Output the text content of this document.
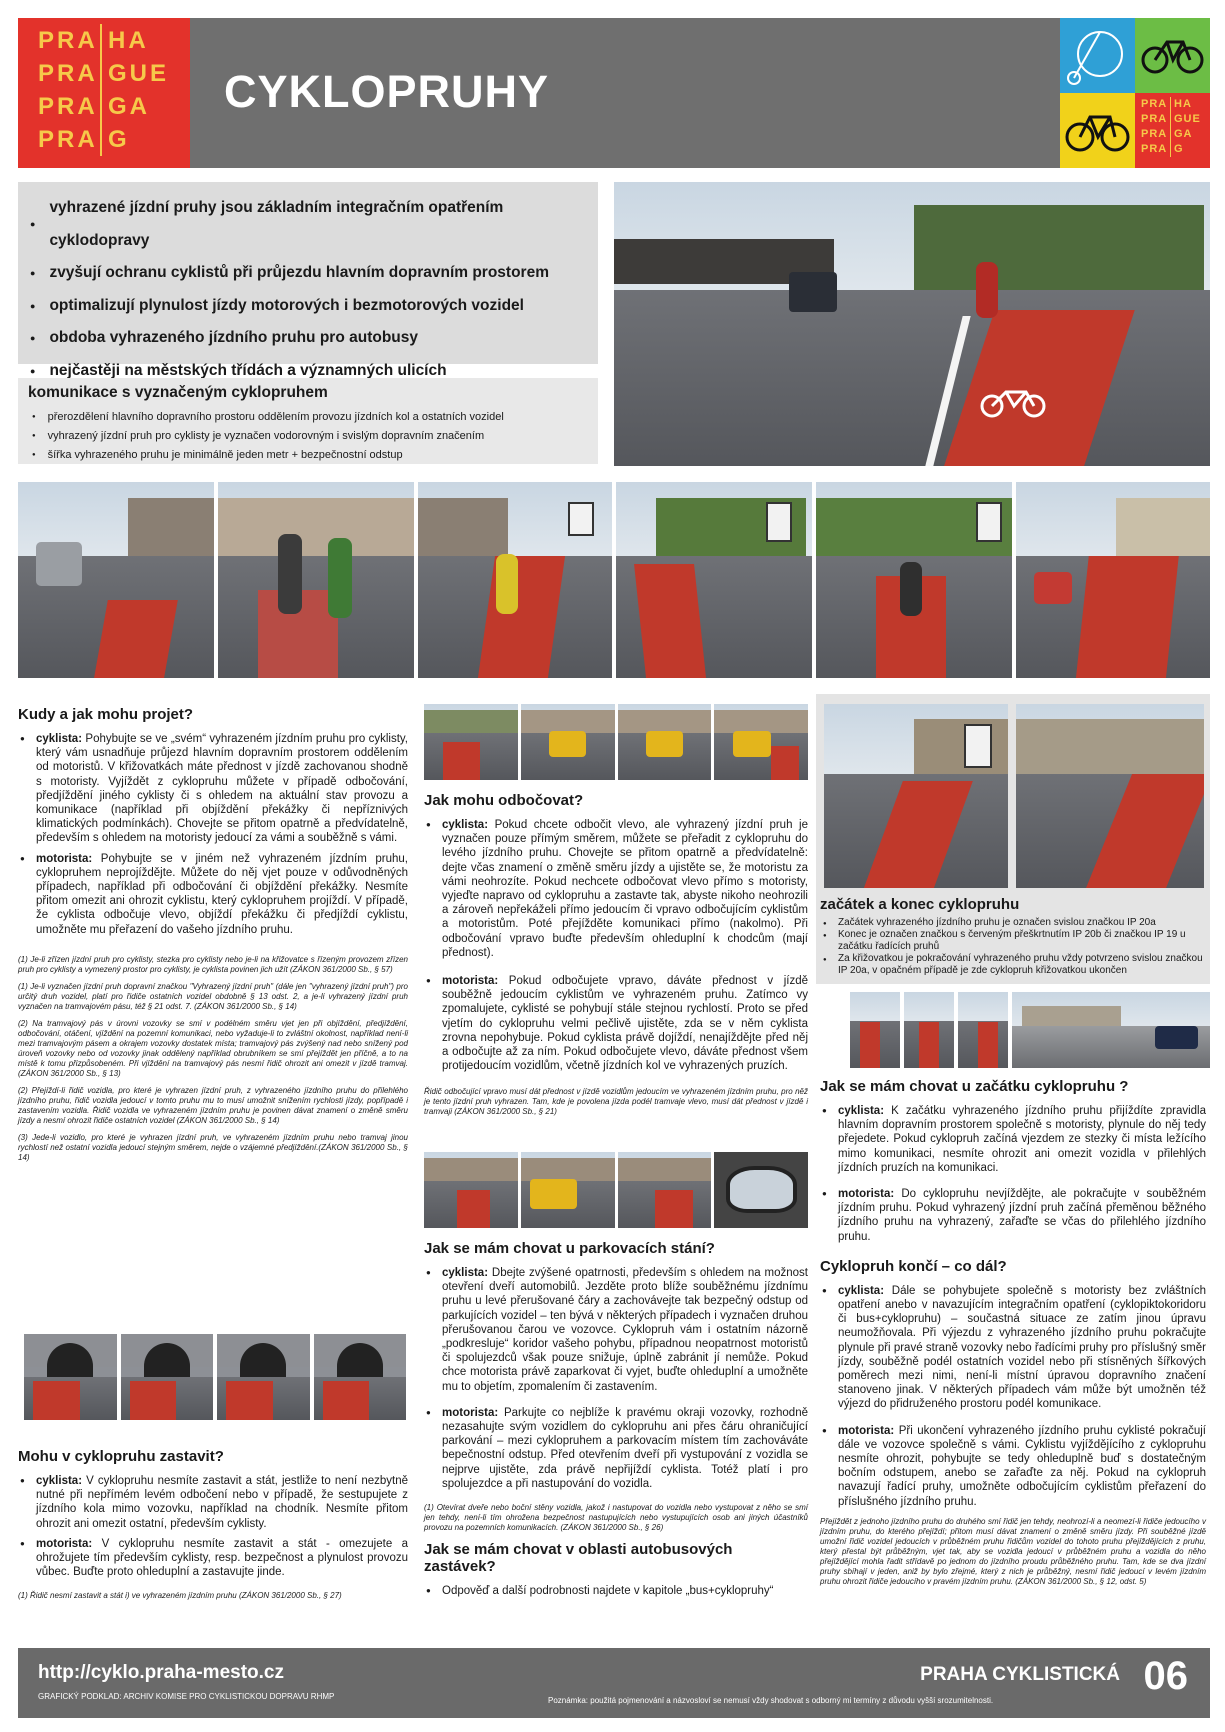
PRA HA
PRA GUE
PRA GA
PRA G
CYKLOPRUHY	PRA HA
PRA GUE
PRA GA
PRA G
● vyhrazené jízdní pruhy jsou základním integračním opatřením cyklodopravy
● zvyšují ochranu cyklistů při průjezdu hlavním dopravním prostorem
● optimalizují plynulost jízdy motorových i bezmotorových vozidel
● obdoba vyhrazeného jízdního pruhu pro autobusy
● nejčastěji na městských třídách a významných ulicích
komunikace s vyznačeným cyklopruhem
● přerozdělení hlavního dopravního prostoru oddělením provozu jízdních kol a ostatních vozidel
● vyhrazený jízdní pruh pro cyklisty je vyznačen vodorovným i svislým dopravním značením
● šířka vyhrazeného pruhu je minimálně jeden metr + bezpečnostní odstup
Kudy a jak mohu projet?
● cyklista: Pohybujte se ve „svém“ vyhrazeném jízdním pruhu pro cyklisty, který vám usnadňuje průjezd hlavním dopravním prostorem oddělením od motoristů. V křižovatkách máte přednost v jízdě zachovanou shodně s motoristy. Vyjíždět z cyklopruhu můžete v případě odbočování, předjíždění jiného cyklisty či s ohledem na aktuální stav provozu a komunikace (například při objíždění překážky či nepříznivých klimatických podmínkách). Chovejte se přitom opatrně a předvídatelně, především s ohledem na motoristy jedoucí za vámi a souběžně s vámi.
● motorista: Pohybujte se v jiném než vyhrazeném jízdním pruhu, cyklopruhem neprojíždějte. Můžete do něj vjet pouze v odůvodněných případech, například při odbočování či objíždění překážky. Nesmíte přitom omezit ani ohrozit cyklistu, který cyklopruhem projíždí. V případě, že cyklista odbočuje vlevo, objíždí překážku či předjíždí cyklistu, umožněte mu přeřazení do vašeho jízdního pruhu.

(1) Je-li zřízen jízdní pruh pro cyklisty, stezka pro cyklisty nebo je-li na křižovatce s řízeným provozem zřízen pruh pro cyklisty a vymezený prostor pro cyklisty, je cyklista povinen jich užít (ZÁKON 361/2000 Sb., § 57)

(1) Je-li vyznačen jízdní pruh dopravní značkou "Vyhrazený jízdní pruh" (dále jen "vyhrazený jízdní pruh") pro určitý druh vozidel, platí pro řidiče ostatních vozidel obdobně § 13 odst. 2, a je-li vyhrazený jízdní pruh vyznačen na tramvajovém pásu, též § 21 odst. 7. (ZÁKON 361/2000 Sb., § 14)

(2) Na tramvajový pás v úrovni vozovky se smí v podélném směru vjet jen při objíždění, předjíždění, odbočování, otáčení, vjíždění na pozemní komunikaci, nebo vyžaduje-li to zvláštní okolnost, například není-li mezi tramvajovým pásem a okrajem vozovky dostatek místa; tramvajový pás zvýšený nad nebo snížený pod úroveň vozovky nebo od vozovky jinak oddělený například obrubníkem se smí přejíždět jen příčně, a to na místě k tomu přizpůsobeném. Při vjíždění na tramvajový pás nesmí řidič ohrozit ani omezit v jízdě tramvaj. (ZÁKON 361/2000 Sb., § 13)

(2) Přejíždí-li řidič vozidla, pro které je vyhrazen jízdní pruh, z vyhrazeného jízdního pruhu do přilehlého jízdního pruhu, řidič vozidla jedoucí v tomto pruhu mu to musí umožnit snížením rychlosti jízdy, popřípadě i zastavením vozidla. Řidič vozidla ve vyhrazeném jízdním pruhu je povinen dávat znamení o změně směru jízdy a nesmí ohrozit řidiče ostatních vozidel (ZÁKON 361/2000 Sb., § 14)

(3) Jede-li vozidlo, pro které je vyhrazen jízdní pruh, ve vyhrazeném jízdním pruhu nebo tramvaj jinou rychlostí než ostatní vozidla jedoucí stejným směrem, nejde o vzájemné předjíždění.(ZÁKON 361/2000 Sb., § 14)

Mohu v cyklopruhu zastavit?
● cyklista: V cyklopruhu nesmíte zastavit a stát, jestliže to není nezbytně nutné při nepřímém levém odbočení nebo v případě, že sestupujete z jízdního kola mimo vozovku, například na chodník. Nesmíte přitom ohrozit ani omezit ostatní, především cyklisty.
● motorista: V cyklopruhu nesmíte zastavit a stát - omezujete a ohrožujete tím především cyklisty, resp. bezpečnost a plynulost provozu vůbec. Buďte proto ohleduplní a zastavujte jinde.

(1) Řidič nesmí zastavit a stát i) ve vyhrazeném jízdním pruhu (ZÁKON 361/2000 Sb., § 27)

Jak mohu odbočovat?
● cyklista: Pokud chcete odbočit vlevo, ale vyhrazený jízdní pruh je vyznačen pouze přímým směrem, můžete se přeřadit z cyklopruhu do levého jízdního pruhu. Chovejte se přitom opatrně a předvídatelně: dejte včas znamení o změně směru jízdy a ujistěte se, že motoristu za vámi neohrozíte. Pokud nechcete odbočovat vlevo přímo s motoristy, vyjeďte napravo od cyklopruhu a zastavte tak, abyste nikoho neohrozili a zároveň nepřekáželi přímo jedoucím či vpravo odbočujícím cyklistům a motoristům. Poté přejížděte komunikaci přímo (nakolmo). Při odbočování vpravo buďte především ohleduplní k chodcům (mají přednost).
● motorista: Pokud odbočujete vpravo, dáváte přednost v jízdě souběžně jedoucím cyklistům ve vyhrazeném pruhu. Zatímco vy zpomalujete, cyklisté se pohybují stále stejnou rychlostí. Proto se před vjetím do cyklopruhu velmi pečlivě ujistěte, zda se v něm cyklista zrovna nepohybuje. Pokud cyklista právě dojíždí, nenajíždějte před něj a odbočujte až za ním. Pokud odbočujete vlevo, dáváte přednost všem protijedoucím vozidlům, včetně jízdních kol ve vyhrazených pruzích.

Řidič odbočující vpravo musí dát přednost v jízdě vozidlům jedoucím ve vyhrazeném jízdním pruhu, pro něž je tento jízdní pruh vyhrazen. Tam, kde je povolena jízda podél tramvaje vlevo, musí dát přednost v jízdě i tramvaji (ZÁKON 361/2000 Sb., § 21)

Jak se mám chovat u parkovacích stání?
● cyklista: Dbejte zvýšené opatrnosti, především s ohledem na možnost otevření dveří automobilů. Jezděte proto blíže souběžnému jízdnímu pruhu u levé přerušované čáry a zachovávejte tak bezpečný odstup od parkujících vozidel – ten bývá v některých případech i vyznačen druhou přerušovanou čarou ve vozovce. Cyklopruh vám i ostatním názorně „podkresluje“ koridor vašeho pohybu, případnou neopatrnost motoristů či spolujezdců však pouze snižuje, úplně zabránit jí nemůže. Pokud chce motorista právě zaparkovat či vyjet, buďte ohleduplní a umožněte mu to objetím, zpomalením či zastavením.
● motorista: Parkujte co nejblíže k pravému okraji vozovky, rozhodně nezasahujte svým vozidlem do cyklopruhu ani přes čáru ohraničující parkování – mezi cyklopruhem a parkovacím místem tím zachováváte bepečnostní odstup. Před otevřením dveří při vystupování z vozidla se nejprve ujistěte, zda právě nepřijíždí cyklista. Totéž platí i pro spolujezdce a při nastupování do vozidla.

(1) Otevírat dveře nebo boční stěny vozidla, jakož i nastupovat do vozidla nebo vystupovat z něho se smí jen tehdy, není-li tím ohrožena bezpečnost nastupujících nebo vystupujících osob ani jiných účastníků provozu na pozemních komunikacích. (ZÁKON 361/2000 Sb., § 26)

Jak se mám chovat v oblasti autobusových zastávek?
● Odpověď a další podrobnosti najdete v kapitole „bus+cyklopruhy“
začátek a konec cyklopruhu
● Začátek vyhrazeného jízdního pruhu je označen svislou značkou IP 20a
● Konec je označen značkou s červeným přeškrtnutím IP 20b či značkou IP 19 u začátku řadících pruhů
● Za křižovatkou je pokračování vyhrazeného pruhu vždy potvrzeno svislou značkou IP 20a, v opačném případě je zde cyklopruh křižovatkou ukončen
Jak se mám chovat u začátku cyklopruhu ?
● cyklista: K začátku vyhrazeného jízdního pruhu přijíždíte zpravidla hlavním dopravním prostorem společně s motoristy, plynule do něj tedy přejedete. Pokud cyklopruh začíná vjezdem ze stezky či místa ležícího mimo komunikaci, nesmíte ohrozit ani omezit vozidla v přilehlých jízdních pruzích na komunikaci.
● motorista: Do cyklopruhu nevjíždějte, ale pokračujte v souběžném jízdním pruhu. Pokud vyhrazený jízdní pruh začíná přeměnou běžného jízdního pruhu na vyhrazený, zařaďte se včas do přilehlého jízdního pruhu.
Cyklopruh končí – co dál?
● cyklista: Dále se pohybujete společně s motoristy bez zvláštních opatření anebo v navazujícím integračním opatření (cyklopiktokoridoru či bus+cyklopruhu) – součastná situace ze zatím jinou úpravu neumožňovala. Při výjezdu z vyhrazeného jízdního pruhu pokračujte plynule při pravé straně vozovky nebo řadícími pruhy pro příslušný směr jízdy, souběžně podél ostatních vozidel nebo při stísněných šířkových poměrech mezi nimi, není-li místní úpravou dopravního značení stanoveno jinak. V některých případech vám může být umožněn též výjezd do přidruženého prostoru podél komunikace.
● motorista: Při ukončení vyhrazeného jízdního pruhu cyklisté pokračují dále ve vozovce společně s vámi. Cyklistu vyjíždějícího z cyklopruhu nesmíte ohrozit, pohybujte se tedy ohleduplně buď s dostatečným bočním odstupem, anebo se zařaďte za něj. Pokud na cyklopruh navazují řadící pruhy, umožněte odbočujícím cyklistům přeřazení do příslušného jízdního pruhu.

Přejíždět z jednoho jízdního pruhu do druhého smí řidič jen tehdy, neohrozí-li a neomezí-li řidiče jedoucího v jízdním pruhu, do kterého přejíždí; přitom musí dávat znamení o změně směru jízdy. Při souběžné jízdě umožní řidič vozidel jedoucích v průběžném pruhu řidičům vozidel do tohoto pruhu přejíždějících z pruhu, který přestal být průběžným, vjet tak, aby se vozidla jedoucí v průběžném pruhu a vozidla do něho přejíždějící mohla řadit střídavě po jednom do jízdního proudu průběžného pruhu. Tam, kde se dva jízdní pruhy sbíhají v jeden, aniž by bylo zřejmé, který z nich je průběžný, nesmí řidič jedoucí v levém jízdním pruhu ohrozit řidiče jedoucího v pravém jízdním pruhu. (ZÁKON 361/2000 Sb., § 12, odst. 5)

http://cyklo.praha-mesto.cz
GRAFICKÝ PODKLAD: ARCHIV KOMISE PRO CYKLISTICKOU DOPRAVU RHMP	Poznámka: použitá pojmenování a názvosloví se nemusí vždy shodovat s odborný mi termíny z důvodu vyšší srozumitelnosti.
PRAHA CYKLISTICKÁ 06
